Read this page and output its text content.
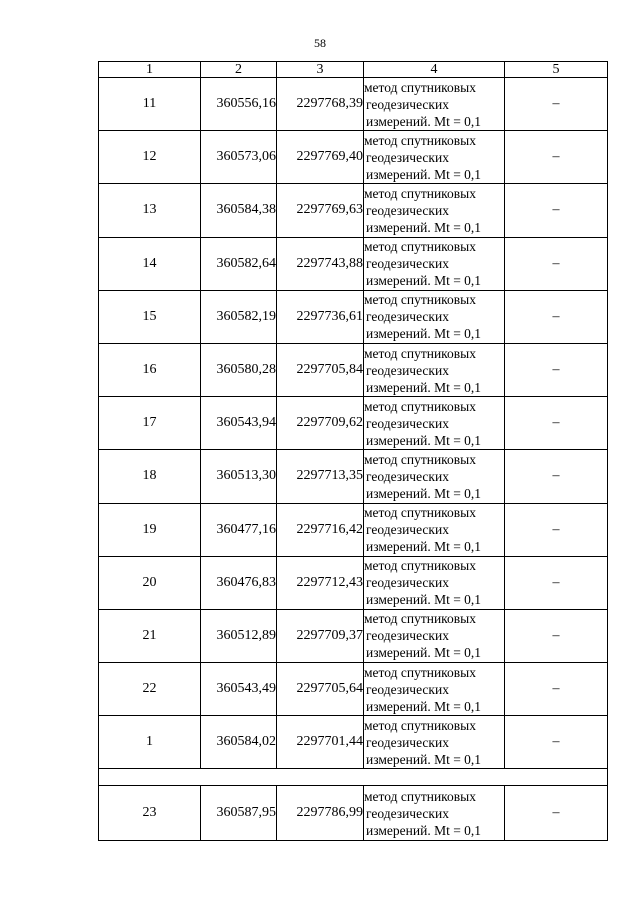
58
1	2	3	4	5
11	360556,16	2297768,39	метод спутниковых
геодезических
измерений. Mt = 0,1	–
12	360573,06	2297769,40	метод спутниковых
геодезических
измерений. Mt = 0,1	–
13	360584,38	2297769,63	метод спутниковых
геодезических
измерений. Mt = 0,1	–
14	360582,64	2297743,88	метод спутниковых
геодезических
измерений. Mt = 0,1	–
15	360582,19	2297736,61	метод спутниковых
геодезических
измерений. Mt = 0,1	–
16	360580,28	2297705,84	метод спутниковых
геодезических
измерений. Mt = 0,1	–
17	360543,94	2297709,62	метод спутниковых
геодезических
измерений. Mt = 0,1	–
18	360513,30	2297713,35	метод спутниковых
геодезических
измерений. Mt = 0,1	–
19	360477,16	2297716,42	метод спутниковых
геодезических
измерений. Mt = 0,1	–
20	360476,83	2297712,43	метод спутниковых
геодезических
измерений. Mt = 0,1	–
21	360512,89	2297709,37	метод спутниковых
геодезических
измерений. Mt = 0,1	–
22	360543,49	2297705,64	метод спутниковых
геодезических
измерений. Mt = 0,1	–
1	360584,02	2297701,44	метод спутниковых
геодезических
измерений. Mt = 0,1	–

23	360587,95	2297786,99	метод спутниковых
геодезических
измерений. Mt = 0,1	–
